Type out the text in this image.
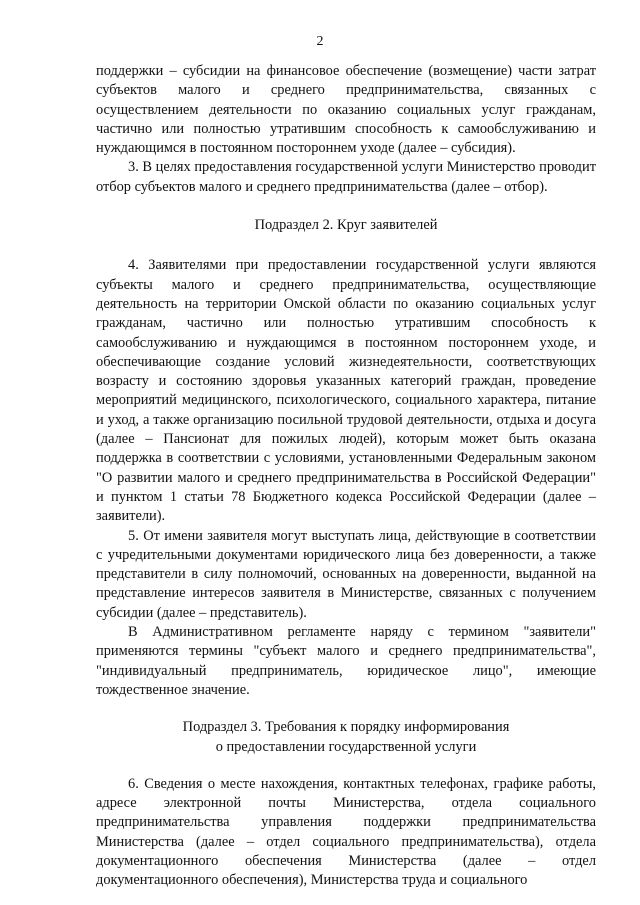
2

поддержки – субсидии на финансовое обеспечение (возмещение) части затрат субъектов малого и среднего предпринимательства, связанных с осуществлением деятельности по оказанию социальных услуг гражданам, частично или полностью утратившим способность к самообслуживанию и нуждающимся в постоянном постороннем уходе (далее – субсидия).

3. В целях предоставления государственной услуги Министерство проводит отбор субъектов малого и среднего предпринимательства (далее – отбор).

Подраздел 2. Круг заявителей

4. Заявителями при предоставлении государственной услуги являются субъекты малого и среднего предпринимательства, осуществляющие деятельность на территории Омской области по оказанию социальных услуг гражданам, частично или полностью утратившим способность к самообслуживанию и нуждающимся в постоянном постороннем уходе, и обеспечивающие создание условий жизнедеятельности, соответствующих возрасту и состоянию здоровья указанных категорий граждан, проведение мероприятий медицинского, психологического, социального характера, питание и уход, а также организацию посильной трудовой деятельности, отдыха и досуга (далее – Пансионат для пожилых людей), которым может быть оказана поддержка в соответствии с условиями, установленными Федеральным законом "О развитии малого и среднего предпринимательства в Российской Федерации" и пунктом 1 статьи 78 Бюджетного кодекса Российской Федерации (далее – заявители).

5. От имени заявителя могут выступать лица, действующие в соответствии с учредительными документами юридического лица без доверенности, а также представители в силу полномочий, основанных на доверенности, выданной на представление интересов заявителя в Министерстве, связанных с получением субсидии (далее – представитель).

В Административном регламенте наряду с термином "заявители" применяются термины "субъект малого и среднего предпринимательства", "индивидуальный предприниматель, юридическое лицо", имеющие тождественное значение.

Подраздел 3. Требования к порядку информирования

о предоставлении государственной услуги

6. Сведения о месте нахождения, контактных телефонах, графике работы, адресе электронной почты Министерства, отдела социального предпринимательства управления поддержки предпринимательства Министерства (далее – отдел социального предпринимательства), отдела документационного обеспечения Министерства (далее – отдел документационного обеспечения), Министерства труда и социального
